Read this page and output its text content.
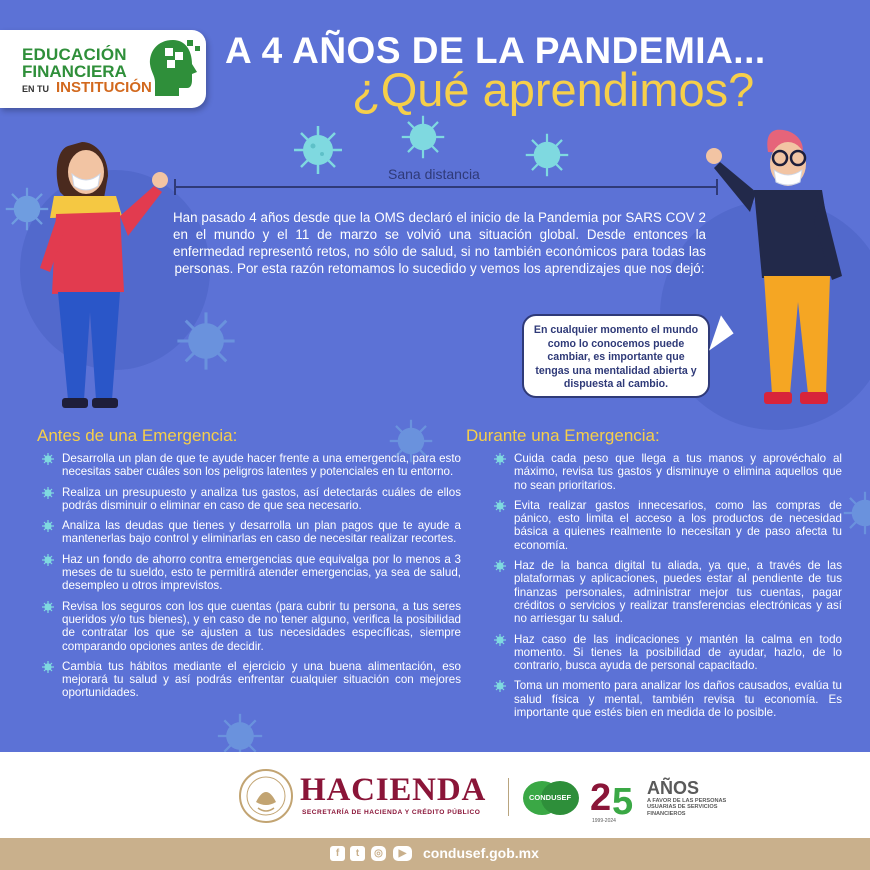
EDUCACIÓN
FINANCIERA
EN TU INSTITUCIÓN
A 4 AÑOS DE LA PANDEMIA...
¿Qué aprendimos?
Sana distancia

Han pasado 4 años desde que la OMS declaró el inicio de la Pandemia por SARS COV 2 en el mundo y el 11 de marzo se volvió una situación global. Desde entonces la enfermedad representó retos, no sólo de salud, si no también económicos para todas las personas. Por esta razón retomamos lo sucedido y vemos los aprendizajes que nos dejó:

En cualquier momento el mundo como lo conocemos puede cambiar, es importante que tengas una mentalidad abierta y dispuesta al cambio.

Antes de una Emergencia:
Desarrolla un plan de que te ayude hacer frente a una emergencia, para esto necesitas saber cuáles son los peligros latentes y potenciales en tu entorno.
Realiza un presupuesto y analiza tus gastos, así detectarás cuáles de ellos podrás disminuir o eliminar en caso de que sea necesario.
Analiza las deudas que tienes y desarrolla un plan pagos que te ayude a mantenerlas bajo control y eliminarlas en caso de necesitar realizar recortes.
Haz un fondo de ahorro contra emergencias que equivalga por lo menos a 3 meses de tu sueldo, esto te permitirá atender emergencias, ya sea de salud, desempleo u otros imprevistos.
Revisa los seguros con los que cuentas (para cubrir tu persona, a tus seres queridos y/o tus bienes), y en caso de no tener alguno, verifica la posibilidad de contratar los que se ajusten a tus necesidades específicas, siempre comparando opciones antes de decidir.
Cambia tus hábitos mediante el ejercicio y una buena alimentación, eso mejorará tu salud y así podrás enfrentar cualquier situación con mejores oportunidades.
Durante una Emergencia:
Cuida cada peso que llega a tus manos y aprovéchalo al máximo, revisa tus gastos y disminuye o elimina aquellos que no sean prioritarios.
Evita realizar gastos innecesarios, como las compras de pánico, esto limita el acceso a los productos de necesidad básica a quienes realmente lo necesitan y de paso afecta tu economía.
Haz de la banca digital tu aliada, ya que, a través de las plataformas y aplicaciones, puedes estar al pendiente de tus finanzas personales, administrar mejor tus cuentas, pagar créditos o servicios y realizar transferencias electrónicas y así no arriesgar tu salud.
Haz caso de las indicaciones y mantén la calma en todo momento. Si tienes la posibilidad de ayudar, hazlo, de lo contrario, busca ayuda de personal capacitado.
Toma un momento para analizar los daños causados, evalúa tu salud física y mental, también revisa tu economía. Es importante que estés bien en medida de lo posible.
HACIENDA
SECRETARÍA DE HACIENDA Y CRÉDITO PÚBLICO
CONDUSEF 2 5
1999-2024
AÑOS
A FAVOR DE LAS PERSONAS USUARIAS DE SERVICIOS FINANCIEROS
f	t	◎	▶	condusef.gob.mx
